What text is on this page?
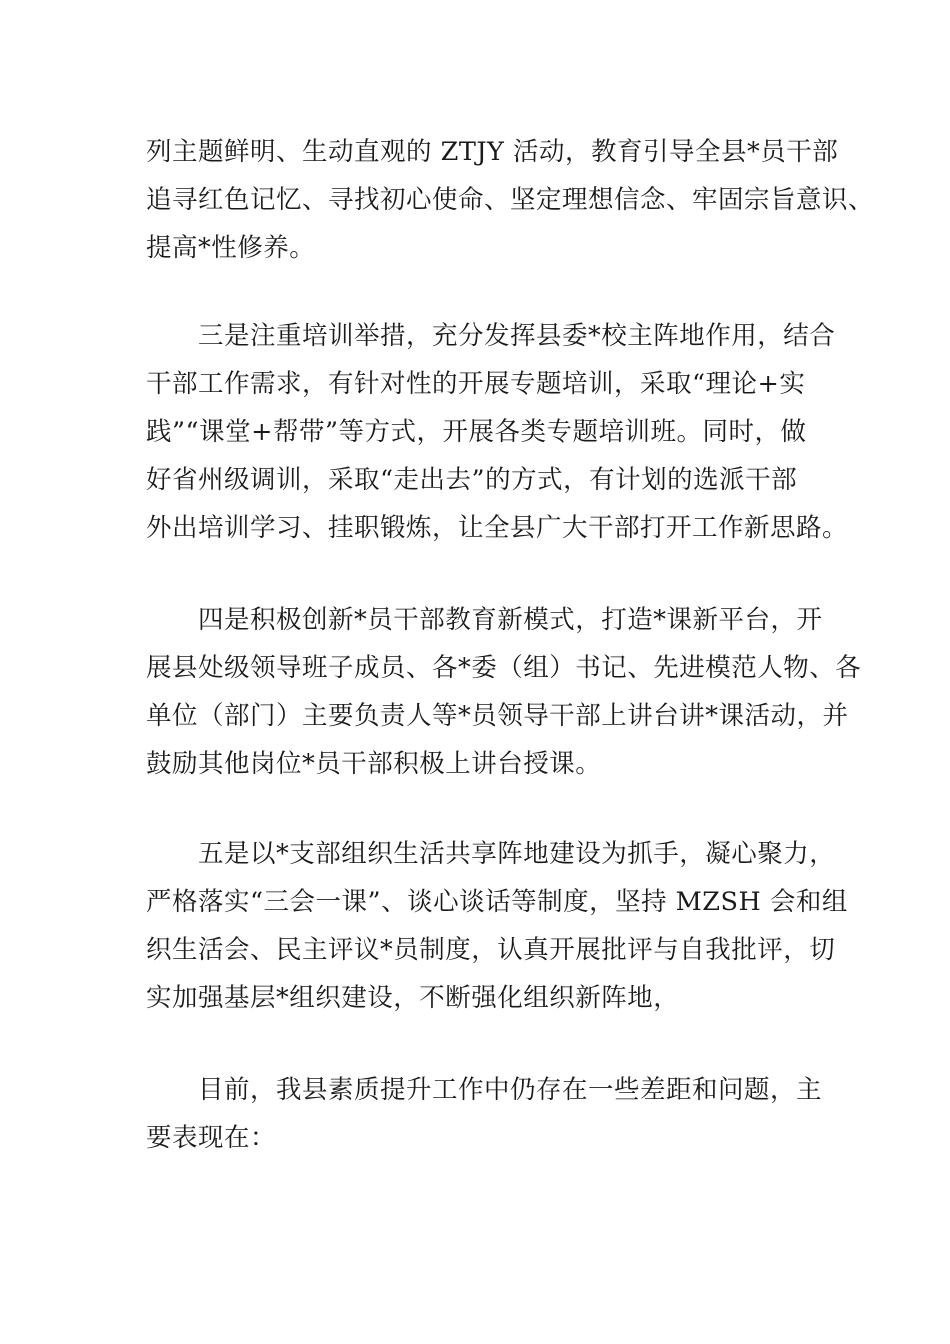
列主题鲜明、生动直观的 ZTJY 活动，教育引导全县*员干部
追寻红色记忆、寻找初心使命、坚定理想信念、牢固宗旨意识、
提高*性修养。

三是注重培训举措，充分发挥县委*校主阵地作用，结合
干部工作需求，有针对性的开展专题培训，采取“理论+实
践”“课堂+帮带”等方式，开展各类专题培训班。同时，做
好省州级调训，采取“走出去”的方式，有计划的选派干部
外出培训学习、挂职锻炼，让全县广大干部打开工作新思路。

四是积极创新*员干部教育新模式，打造*课新平台，开
展县处级领导班子成员、各*委（组）书记、先进模范人物、各
单位（部门）主要负责人等*员领导干部上讲台讲*课活动，并
鼓励其他岗位*员干部积极上讲台授课。

五是以*支部组织生活共享阵地建设为抓手，凝心聚力，
严格落实“三会一课”、谈心谈话等制度，坚持 MZSH 会和组
织生活会、民主评议*员制度，认真开展批评与自我批评，切
实加强基层*组织建设，不断强化组织新阵地，

目前，我县素质提升工作中仍存在一些差距和问题，主
要表现在：
